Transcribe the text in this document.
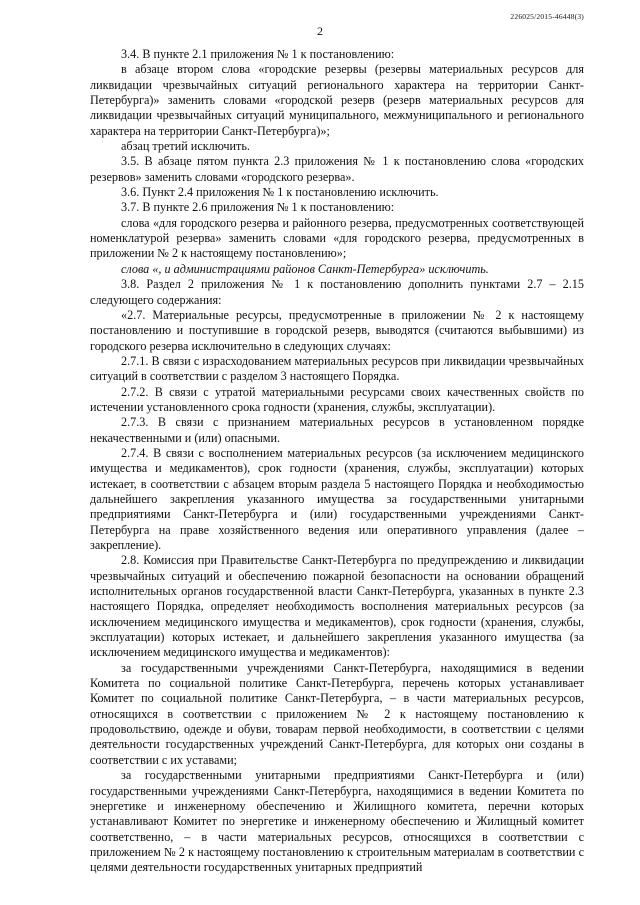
226025/2015-46448(3)
2

3.4. В пункте 2.1 приложения № 1 к постановлению:

в абзаце втором слова «городские резервы (резервы материальных ресурсов для ликвидации чрезвычайных ситуаций регионального характера на территории Санкт-Петербурга)» заменить словами «городской резерв (резерв материальных ресурсов для ликвидации чрезвычайных ситуаций муниципального, межмуниципального и регионального характера на территории Санкт-Петербурга)»;

абзац третий исключить.

3.5. В абзаце пятом пункта 2.3 приложения № 1 к постановлению слова «городских резервов» заменить словами «городского резерва».

3.6. Пункт 2.4 приложения № 1 к постановлению исключить.

3.7. В пункте 2.6 приложения № 1 к постановлению:

слова «для городского резерва и районного резерва, предусмотренных соответствующей номенклатурой резерва» заменить словами «для городского резерва, предусмотренных в приложении № 2 к настоящему постановлению»;

слова «, и администрациями районов Санкт-Петербурга» исключить.

3.8. Раздел 2 приложения № 1 к постановлению дополнить пунктами 2.7 – 2.15 следующего содержания:

«2.7. Материальные ресурсы, предусмотренные в приложении № 2 к настоящему постановлению и поступившие в городской резерв, выводятся (считаются выбывшими) из городского резерва исключительно в следующих случаях:

2.7.1. В связи с израсходованием материальных ресурсов при ликвидации чрезвычайных ситуаций в соответствии с разделом 3 настоящего Порядка.

2.7.2. В связи с утратой материальными ресурсами своих качественных свойств по истечении установленного срока годности (хранения, службы, эксплуатации).

2.7.3. В связи с признанием материальных ресурсов в установленном порядке некачественными и (или) опасными.

2.7.4. В связи с восполнением материальных ресурсов (за исключением медицинского имущества и медикаментов), срок годности (хранения, службы, эксплуатации) которых истекает, в соответствии с абзацем вторым раздела 5 настоящего Порядка и необходимостью дальнейшего закрепления указанного имущества за государственными унитарными предприятиями Санкт-Петербурга и (или) государственными учреждениями Санкт-Петербурга на праве хозяйственного ведения или оперативного управления (далее – закрепление).

2.8. Комиссия при Правительстве Санкт-Петербурга по предупреждению и ликвидации чрезвычайных ситуаций и обеспечению пожарной безопасности на основании обращений исполнительных органов государственной власти Санкт-Петербурга, указанных в пункте 2.3 настоящего Порядка, определяет необходимость восполнения материальных ресурсов (за исключением медицинского имущества и медикаментов), срок годности (хранения, службы, эксплуатации) которых истекает, и дальнейшего закрепления указанного имущества (за исключением медицинского имущества и медикаментов):

за государственными учреждениями Санкт-Петербурга, находящимися в ведении Комитета по социальной политике Санкт-Петербурга, перечень которых устанавливает Комитет по социальной политике Санкт-Петербурга, – в части материальных ресурсов, относящихся в соответствии с приложением № 2 к настоящему постановлению к продовольствию, одежде и обуви, товарам первой необходимости, в соответствии с целями деятельности государственных учреждений Санкт-Петербурга, для которых они созданы в соответствии с их уставами;

за государственными унитарными предприятиями Санкт-Петербурга и (или) государственными учреждениями Санкт-Петербурга, находящимися в ведении Комитета по энергетике и инженерному обеспечению и Жилищного комитета, перечни которых устанавливают Комитет по энергетике и инженерному обеспечению и Жилищный комитет соответственно, – в части материальных ресурсов, относящихся в соответствии с приложением № 2 к настоящему постановлению к строительным материалам в соответствии с целями деятельности государственных унитарных предприятий
